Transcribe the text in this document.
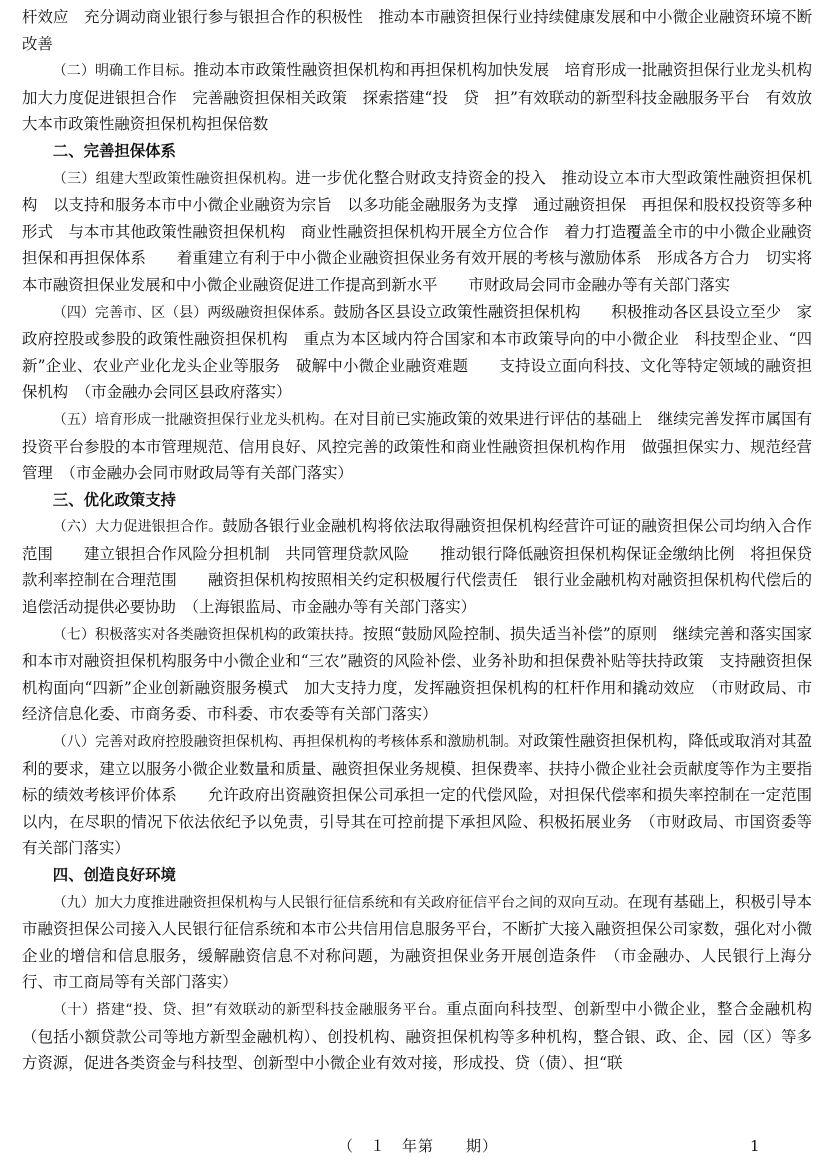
杆效应　充分调动商业银行参与银担合作的积极性　推动本市融资担保行业持续健康发展和中小微企业融资环境不断改善

（二）明确工作目标。推动本市政策性融资担保机构和再担保机构加快发展　培育形成一批融资担保行业龙头机构　加大力度促进银担合作　完善融资担保相关政策　探索搭建“投　贷　担”有效联动的新型科技金融服务平台　有效放大本市政策性融资担保机构担保倍数

二、完善担保体系

（三）组建大型政策性融资担保机构。进一步优化整合财政支持资金的投入　推动设立本市大型政策性融资担保机构　以支持和服务本市中小微企业融资为宗旨　以多功能金融服务为支撑　通过融资担保　再担保和股权投资等多种形式　与本市其他政策性融资担保机构　商业性融资担保机构开展全方位合作　着力打造覆盖全市的中小微企业融资担保和再担保体系　　着重建立有利于中小微企业融资担保业务有效开展的考核与激励体系　形成各方合力　切实将本市融资担保业发展和中小微企业融资促进工作提高到新水平　　市财政局会同市金融办等有关部门落实

（四）完善市、区（县）两级融资担保体系。鼓励各区县设立政策性融资担保机构　　积极推动各区县设立至少　家政府控股或参股的政策性融资担保机构　重点为本区域内符合国家和本市政策导向的中小微企业　科技型企业、“四新”企业、农业产业化龙头企业等服务　破解中小微企业融资难题　　支持设立面向科技、文化等特定领域的融资担保机构　（市金融办会同区县政府落实）

（五）培育形成一批融资担保行业龙头机构。在对目前已实施政策的效果进行评估的基础上　继续完善发挥市属国有投资平台参股的本市管理规范、信用良好、风控完善的政策性和商业性融资担保机构作用　做强担保实力、规范经营管理　（市金融办会同市财政局等有关部门落实）

三、优化政策支持

（六）大力促进银担合作。鼓励各银行业金融机构将依法取得融资担保机构经营许可证的融资担保公司均纳入合作范围　　建立银担合作风险分担机制　共同管理贷款风险　　推动银行降低融资担保机构保证金缴纳比例　将担保贷款利率控制在合理范围　　融资担保机构按照相关约定积极履行代偿责任　银行业金融机构对融资担保机构代偿后的追偿活动提供必要协助　（上海银监局、市金融办等有关部门落实）

（七）积极落实对各类融资担保机构的政策扶持。按照“鼓励风险控制、损失适当补偿”的原则　继续完善和落实国家和本市对融资担保机构服务中小微企业和“三农”融资的风险补偿、业务补助和担保费补贴等扶持政策　支持融资担保机构面向“四新”企业创新融资服务模式　加大支持力度，发挥融资担保机构的杠杆作用和撬动效应　（市财政局、市经济信息化委、市商务委、市科委、市农委等有关部门落实）

（八）完善对政府控股融资担保机构、再担保机构的考核体系和激励机制。对政策性融资担保机构，降低或取消对其盈利的要求，建立以服务小微企业数量和质量、融资担保业务规模、担保费率、扶持小微企业社会贡献度等作为主要指标的绩效考核评价体系　　允许政府出资融资担保公司承担一定的代偿风险，对担保代偿率和损失率控制在一定范围以内，在尽职的情况下依法依纪予以免责，引导其在可控前提下承担风险、积极拓展业务　（市财政局、市国资委等有关部门落实）

四、创造良好环境

（九）加大力度推进融资担保机构与人民银行征信系统和有关政府征信平台之间的双向互动。在现有基础上，积极引导本市融资担保公司接入人民银行征信系统和本市公共信用信息服务平台，不断扩大接入融资担保公司家数，强化对小微企业的增信和信息服务，缓解融资信息不对称问题，为融资担保业务开展创造条件　（市金融办、人民银行上海分行、市工商局等有关部门落实）

（十）搭建“投、贷、担”有效联动的新型科技金融服务平台。重点面向科技型、创新型中小微企业，整合金融机构（包括小额贷款公司等地方新型金融机构）、创投机构、融资担保机构等多种机构，整合银、政、企、园（区）等多方资源，促进各类资金与科技型、创新型中小微企业有效对接，形成投、贷（债）、担“联

（　１　年第　　期）	1
